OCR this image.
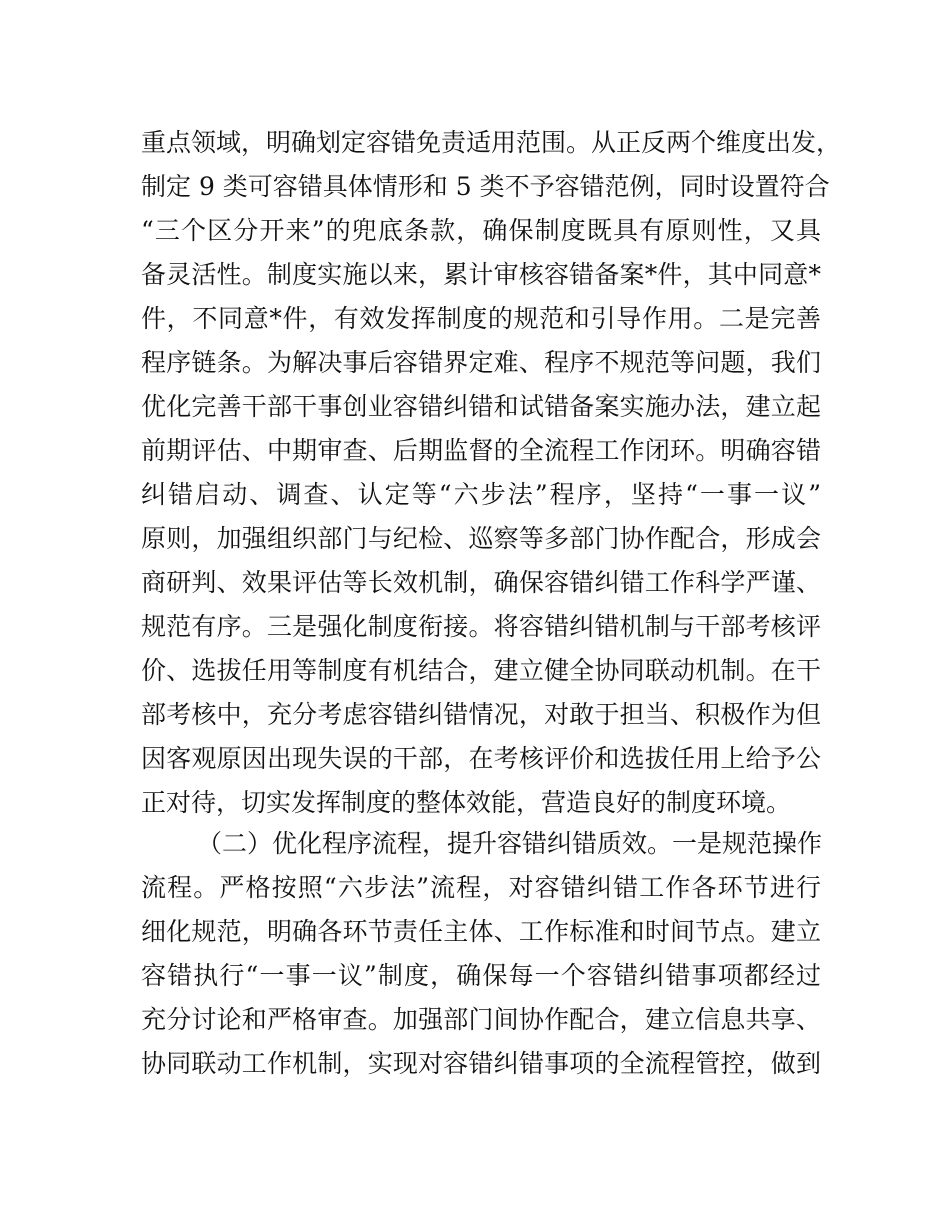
重点领域，明确划定容错免责适用范围。从正反两个维度出发，
制定 9 类可容错具体情形和 5 类不予容错范例，同时设置符合
“三个区分开来”的兜底条款，确保制度既具有原则性，又具
备灵活性。制度实施以来，累计审核容错备案*件，其中同意*
件，不同意*件，有效发挥制度的规范和引导作用。二是完善
程序链条。为解决事后容错界定难、程序不规范等问题，我们
优化完善干部干事创业容错纠错和试错备案实施办法，建立起
前期评估、中期审查、后期监督的全流程工作闭环。明确容错
纠错启动、调查、认定等“六步法”程序，坚持“一事一议”
原则，加强组织部门与纪检、巡察等多部门协作配合，形成会
商研判、效果评估等长效机制，确保容错纠错工作科学严谨、
规范有序。三是强化制度衔接。将容错纠错机制与干部考核评
价、选拔任用等制度有机结合，建立健全协同联动机制。在干
部考核中，充分考虑容错纠错情况，对敢于担当、积极作为但
因客观原因出现失误的干部，在考核评价和选拔任用上给予公
正对待，切实发挥制度的整体效能，营造良好的制度环境。
（二）优化程序流程，提升容错纠错质效。一是规范操作
流程。严格按照“六步法”流程，对容错纠错工作各环节进行
细化规范，明确各环节责任主体、工作标准和时间节点。建立
容错执行“一事一议”制度，确保每一个容错纠错事项都经过
充分讨论和严格审查。加强部门间协作配合，建立信息共享、
协同联动工作机制，实现对容错纠错事项的全流程管控，做到
